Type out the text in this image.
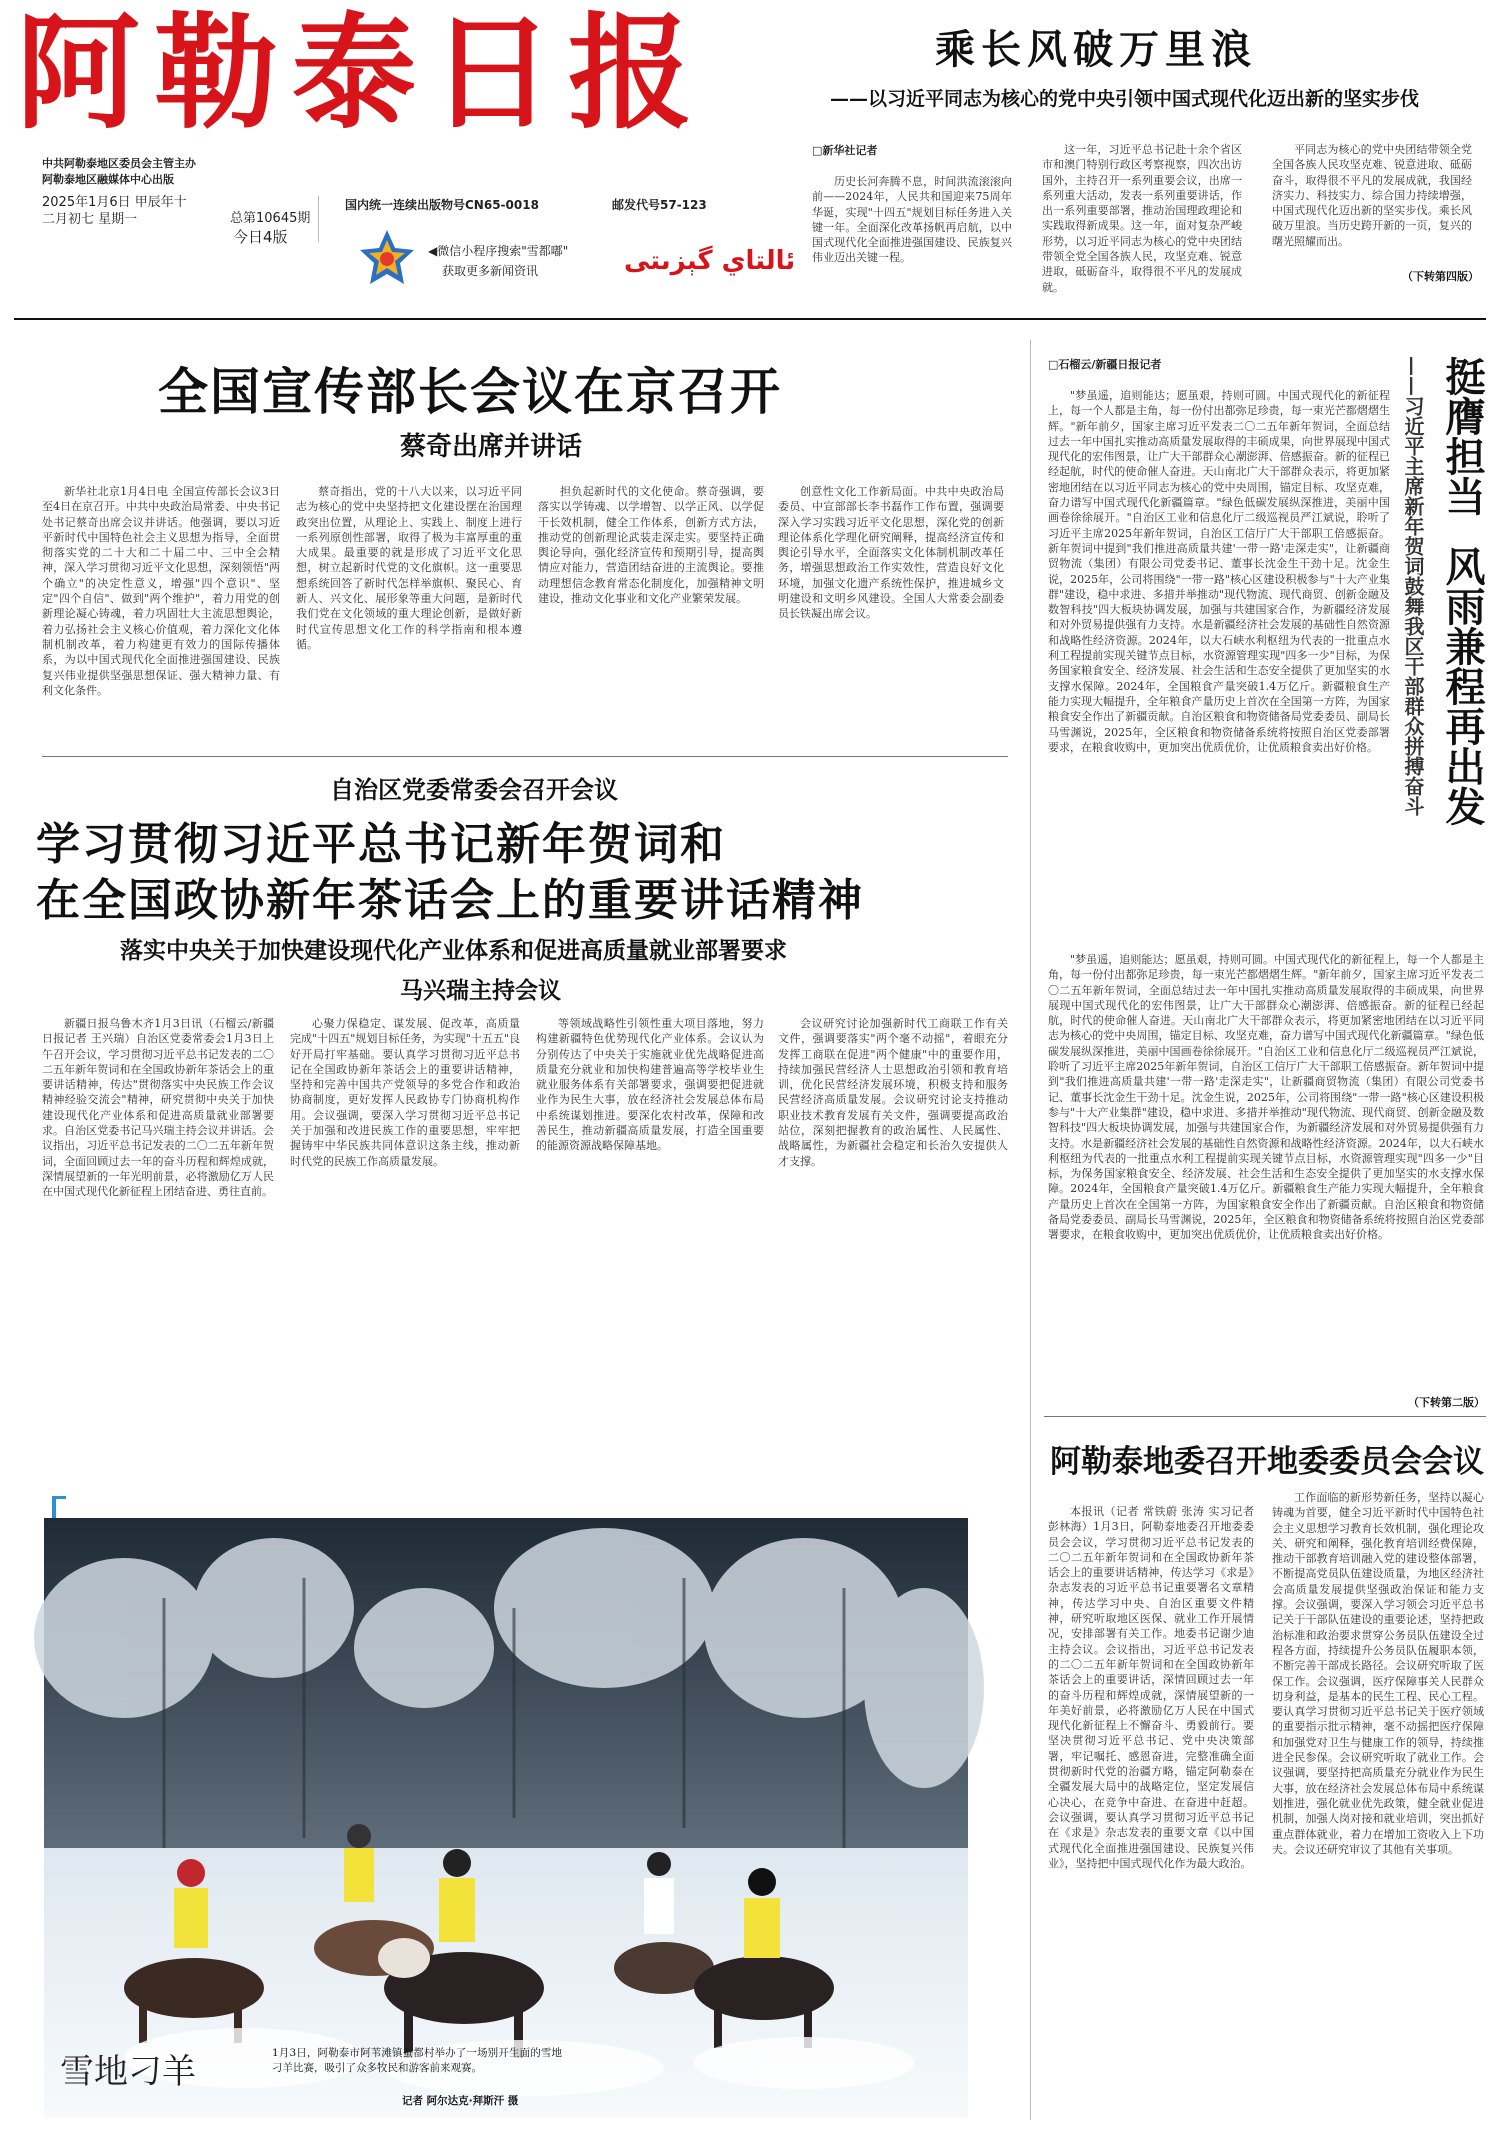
阿勒泰日报
中共阿勒泰地区委员会主管主办
阿勒泰地区融媒体中心出版
2025年1月6日 甲辰年十二月初七 星期一	总第10645期
今日4版
国内统一连续出版物号CN65-0018	邮发代号57-123
◀微信小程序搜索"雪都嘟"
获取更多新闻资讯	ئالتاي گېزىتى
乘长风破万里浪
——以习近平同志为核心的党中央引领中国式现代化迈出新的坚实步伐
□新华社记者
历史长河奔腾不息，时间洪流滚滚向前——2024年，人民共和国迎来75周年华诞，实现"十四五"规划目标任务进入关键一年。全面深化改革扬帆再启航，以中国式现代化全面推进强国建设、民族复兴伟业迈出关键一程。
这一年，习近平总书记赴十余个省区市和澳门特别行政区考察视察，四次出访国外，主持召开一系列重要会议，出席一系列重大活动，发表一系列重要讲话，作出一系列重要部署，推动治国理政理论和实践取得新成果。这一年，面对复杂严峻形势，以习近平同志为核心的党中央团结带领全党全国各族人民，攻坚克难、锐意进取，砥砺奋斗，取得很不平凡的发展成就。
平同志为核心的党中央团结带领全党全国各族人民攻坚克难、锐意进取、砥砺奋斗，取得很不平凡的发展成就，我国经济实力、科技实力、综合国力持续增强，中国式现代化迈出新的坚实步伐。乘长风破万里浪。当历史跨开新的一页，复兴的曙光照耀而出。
（下转第四版）
全国宣传部长会议在京召开
蔡奇出席并讲话
新华社北京1月4日电 全国宣传部长会议3日至4日在京召开。中共中央政治局常委、中央书记处书记蔡奇出席会议并讲话。他强调，要以习近平新时代中国特色社会主义思想为指导，全面贯彻落实党的二十大和二十届二中、三中全会精神，深入学习贯彻习近平文化思想，深刻领悟"两个确立"的决定性意义，增强"四个意识"、坚定"四个自信"、做到"两个维护"，着力用党的创新理论凝心铸魂，着力巩固壮大主流思想舆论，着力弘扬社会主义核心价值观，着力深化文化体制机制改革，着力构建更有效力的国际传播体系，为以中国式现代化全面推进强国建设、民族复兴伟业提供坚强思想保证、强大精神力量、有利文化条件。
蔡奇指出，党的十八大以来，以习近平同志为核心的党中央坚持把文化建设摆在治国理政突出位置，从理论上、实践上、制度上进行一系列原创性部署，取得了极为丰富厚重的重大成果。最重要的就是形成了习近平文化思想，树立起新时代党的文化旗帜。这一重要思想系统回答了新时代怎样举旗帜、聚民心、育新人、兴文化、展形象等重大问题，是新时代我们党在文化领域的重大理论创新，是做好新时代宣传思想文化工作的科学指南和根本遵循。
担负起新时代的文化使命。蔡奇强调，要落实以学铸魂、以学增智、以学正风、以学促干长效机制，健全工作体系，创新方式方法，推动党的创新理论武装走深走实。要坚持正确舆论导向，强化经济宣传和预期引导，提高舆情应对能力，营造团结奋进的主流舆论。要推动理想信念教育常态化制度化，加强精神文明建设，推动文化事业和文化产业繁荣发展。
创意性文化工作新局面。中共中央政治局委员、中宣部部长李书磊作工作布置，强调要深入学习实践习近平文化思想，深化党的创新理论体系化学理化研究阐释，提高经济宣传和舆论引导水平，全面落实文化体制机制改革任务，增强思想政治工作实效性，营造良好文化环境，加强文化遗产系统性保护，推进城乡文明建设和文明乡风建设。全国人大常委会副委员长铁凝出席会议。
自治区党委常委会召开会议
学习贯彻习近平总书记新年贺词和
在全国政协新年茶话会上的重要讲话精神
落实中央关于加快建设现代化产业体系和促进高质量就业部署要求
马兴瑞主持会议
新疆日报乌鲁木齐1月3日讯（石榴云/新疆日报记者 王兴瑞）自治区党委常委会1月3日上午召开会议，学习贯彻习近平总书记发表的二〇二五年新年贺词和在全国政协新年茶话会上的重要讲话精神，传达"贯彻落实中央民族工作会议精神经验交流会"精神，研究贯彻中央关于加快建设现代化产业体系和促进高质量就业部署要求。自治区党委书记马兴瑞主持会议并讲话。会议指出，习近平总书记发表的二〇二五年新年贺词，全面回顾过去一年的奋斗历程和辉煌成就，深情展望新的一年光明前景，必将激励亿万人民在中国式现代化新征程上团结奋进、勇往直前。
心聚力保稳定、谋发展、促改革，高质量完成"十四五"规划目标任务，为实现"十五五"良好开局打牢基础。要认真学习贯彻习近平总书记在全国政协新年茶话会上的重要讲话精神，坚持和完善中国共产党领导的多党合作和政治协商制度，更好发挥人民政协专门协商机构作用。会议强调，要深入学习贯彻习近平总书记关于加强和改进民族工作的重要思想，牢牢把握铸牢中华民族共同体意识这条主线，推动新时代党的民族工作高质量发展。
等领域战略性引领性重大项目落地，努力构建新疆特色优势现代化产业体系。会议认为分别传达了中央关于实施就业优先战略促进高质量充分就业和加快构建普遍高等学校毕业生就业服务体系有关部署要求，强调要把促进就业作为民生大事，放在经济社会发展总体布局中系统谋划推进。要深化农村改革，保障和改善民生，推动新疆高质量发展，打造全国重要的能源资源战略保障基地。
会议研究讨论加强新时代工商联工作有关文件，强调要落实"两个毫不动摇"，着眼充分发挥工商联在促进"两个健康"中的重要作用，持续加强民营经济人士思想政治引领和教育培训，优化民营经济发展环境，积极支持和服务民营经济高质量发展。会议研究讨论支持推动职业技术教育发展有关文件，强调要提高政治站位，深刻把握教育的政治属性、人民属性、战略属性，为新疆社会稳定和长治久安提供人才支撑。
□石榴云/新疆日报记者	挺膺担当
风雨兼程再出发
——习近平主席新年贺词鼓舞我区干部群众拼搏奋斗
"梦虽遥，追则能达；愿虽艰，持则可圆。中国式现代化的新征程上，每一个人都是主角，每一份付出都弥足珍贵，每一束光芒都熠熠生辉。"新年前夕，国家主席习近平发表二〇二五年新年贺词，全面总结过去一年中国扎实推动高质量发展取得的丰硕成果，向世界展现中国式现代化的宏伟图景，让广大干部群众心潮澎湃、倍感振奋。新的征程已经起航，时代的使命催人奋进。天山南北广大干部群众表示，将更加紧密地团结在以习近平同志为核心的党中央周围，锚定目标、攻坚克难，奋力谱写中国式现代化新疆篇章。"绿色低碳发展纵深推进，美丽中国画卷徐徐展开。"自治区工业和信息化厅二级巡视员严江斌说，聆听了习近平主席2025年新年贺词，自治区工信厅广大干部职工倍感振奋。新年贺词中提到"我们推进高质量共建'一带一路'走深走实"，让新疆商贸物流（集团）有限公司党委书记、董事长沈金生干劲十足。沈金生说，2025年，公司将围绕"一带一路"核心区建设积极参与"十大产业集群"建设，稳中求进、多措并举推动"现代物流、现代商贸、创新金融及数智科技"四大板块协调发展，加强与共建国家合作，为新疆经济发展和对外贸易提供强有力支持。水是新疆经济社会发展的基础性自然资源和战略性经济资源。2024年，以大石峡水利枢纽为代表的一批重点水利工程提前实现关键节点目标，水资源管理实现"四多一少"目标，为保务国家粮食安全、经济发展、社会生活和生态安全提供了更加坚实的水支撑水保障。2024年，全国粮食产量突破1.4万亿斤。新疆粮食生产能力实现大幅提升，全年粮食产量历史上首次在全国第一方阵，为国家粮食安全作出了新疆贡献。自治区粮食和物资储备局党委委员、副局长马雪渊说，2025年，全区粮食和物资储备系统将按照自治区党委部署要求，在粮食收购中，更加突出优质优价，让优质粮食卖出好价格。
"梦虽遥，追则能达；愿虽艰，持则可圆。中国式现代化的新征程上，每一个人都是主角，每一份付出都弥足珍贵，每一束光芒都熠熠生辉。"新年前夕，国家主席习近平发表二〇二五年新年贺词，全面总结过去一年中国扎实推动高质量发展取得的丰硕成果，向世界展现中国式现代化的宏伟图景，让广大干部群众心潮澎湃、倍感振奋。新的征程已经起航，时代的使命催人奋进。天山南北广大干部群众表示，将更加紧密地团结在以习近平同志为核心的党中央周围，锚定目标、攻坚克难，奋力谱写中国式现代化新疆篇章。"绿色低碳发展纵深推进，美丽中国画卷徐徐展开。"自治区工业和信息化厅二级巡视员严江斌说，聆听了习近平主席2025年新年贺词，自治区工信厅广大干部职工倍感振奋。新年贺词中提到"我们推进高质量共建'一带一路'走深走实"，让新疆商贸物流（集团）有限公司党委书记、董事长沈金生干劲十足。沈金生说，2025年，公司将围绕"一带一路"核心区建设积极参与"十大产业集群"建设，稳中求进、多措并举推动"现代物流、现代商贸、创新金融及数智科技"四大板块协调发展，加强与共建国家合作，为新疆经济发展和对外贸易提供强有力支持。水是新疆经济社会发展的基础性自然资源和战略性经济资源。2024年，以大石峡水利枢纽为代表的一批重点水利工程提前实现关键节点目标，水资源管理实现"四多一少"目标，为保务国家粮食安全、经济发展、社会生活和生态安全提供了更加坚实的水支撑水保障。2024年，全国粮食产量突破1.4万亿斤。新疆粮食生产能力实现大幅提升，全年粮食产量历史上首次在全国第一方阵，为国家粮食安全作出了新疆贡献。自治区粮食和物资储备局党委委员、副局长马雪渊说，2025年，全区粮食和物资储备系统将按照自治区党委部署要求，在粮食收购中，更加突出优质优价，让优质粮食卖出好价格。
（下转第二版）
阿勒泰地委召开地委委员会会议
本报讯（记者 常铁蔚 张涛 实习记者 彭林海）1月3日，阿勒泰地委召开地委委员会会议，学习贯彻习近平总书记发表的二〇二五年新年贺词和在全国政协新年茶话会上的重要讲话精神，传达学习《求是》杂志发表的习近平总书记重要署名文章精神，传达学习中央、自治区重要文件精神，研究听取地区医保、就业工作开展情况，安排部署有关工作。地委书记谢少迪主持会议。会议指出，习近平总书记发表的二〇二五年新年贺词和在全国政协新年茶话会上的重要讲话，深情回顾过去一年的奋斗历程和辉煌成就，深情展望新的一年美好前景，必将激励亿万人民在中国式现代化新征程上不懈奋斗、勇毅前行。要坚决贯彻习近平总书记、党中央决策部署，牢记嘱托、感恩奋进，完整准确全面贯彻新时代党的治疆方略，锚定阿勒泰在全疆发展大局中的战略定位，坚定发展信心决心，在竞争中奋进、在奋进中赶超。会议强调，要认真学习贯彻习近平总书记在《求是》杂志发表的重要文章《以中国式现代化全面推进强国建设、民族复兴伟业》，坚持把中国式现代化作为最大政治。
工作面临的新形势新任务，坚持以凝心铸魂为首要，健全习近平新时代中国特色社会主义思想学习教育长效机制，强化理论攻关、研究和阐释，强化教育培训经费保障，推动干部教育培训融入党的建设整体部署，不断提高党员队伍建设质量，为地区经济社会高质量发展提供坚强政治保证和能力支撑。会议强调，要深入学习领会习近平总书记关于干部队伍建设的重要论述，坚持把政治标准和政治要求贯穿公务员队伍建设全过程各方面，持续提升公务员队伍履职本领，不断完善干部成长路径。会议研究听取了医保工作。会议强调，医疗保障事关人民群众切身利益，是基本的民生工程、民心工程。要认真学习贯彻习近平总书记关于医疗领域的重要指示批示精神，毫不动摇把医疗保障和加强党对卫生与健康工作的领导，持续推进全民参保。会议研究听取了就业工作。会议强调，要坚持把高质量充分就业作为民生大事，放在经济社会发展总体布局中系统谋划推进，强化就业优先政策，健全就业促进机制，加强人岗对接和就业培训，突出抓好重点群体就业，着力在增加工资收入上下功夫。会议还研究审议了其他有关事项。
雪地刁羊	1月3日，阿勒泰市阿苇滩镇蚕都村举办了一场别开生面的雪地刁羊比赛，吸引了众多牧民和游客前来观赛。
记者 阿尔达克·拜斯汗 摄
